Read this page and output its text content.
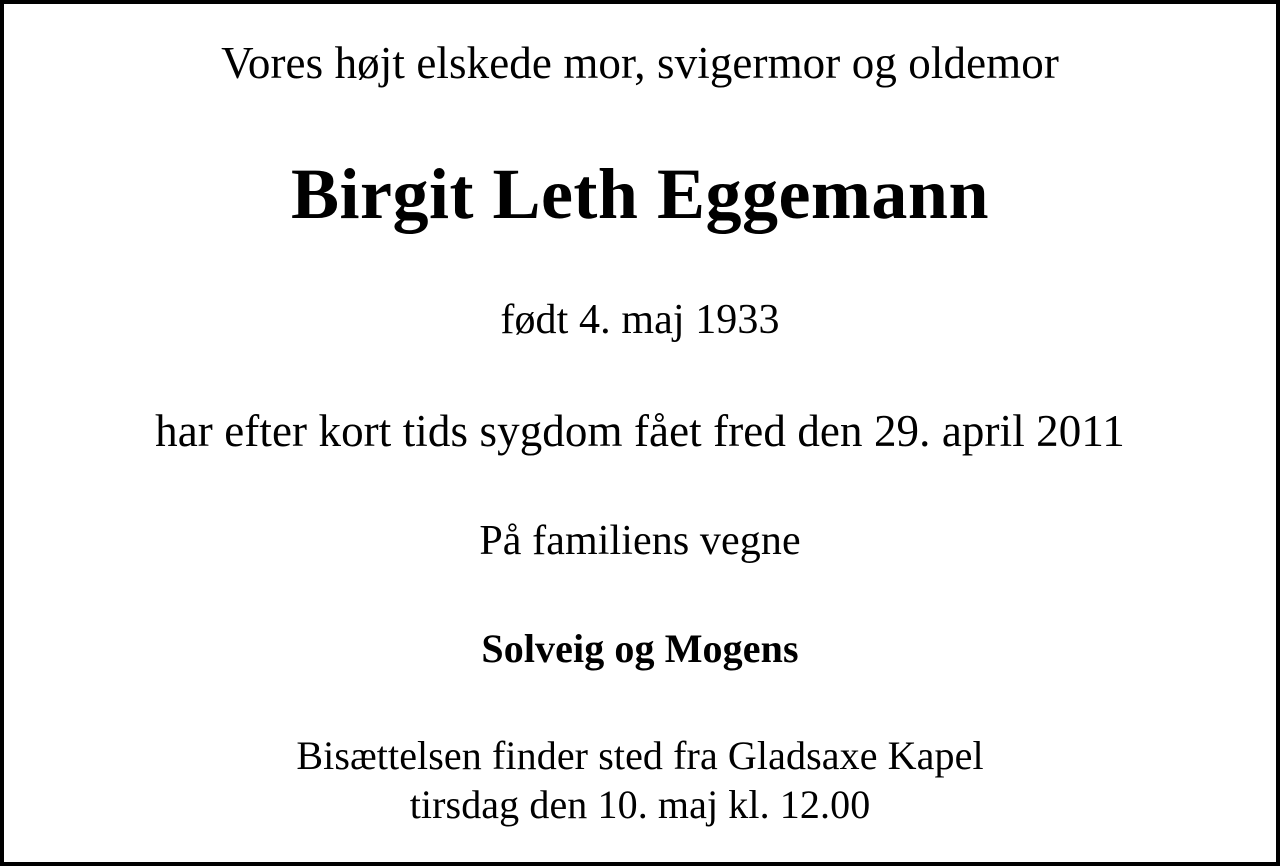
Vores højt elskede mor, svigermor og oldemor
Birgit Leth Eggemann
født 4. maj 1933
har efter kort tids sygdom fået fred den 29. april 2011
På familiens vegne
Solveig og Mogens
Bisættelsen finder sted fra Gladsaxe Kapel
tirsdag den 10. maj kl. 12.00
